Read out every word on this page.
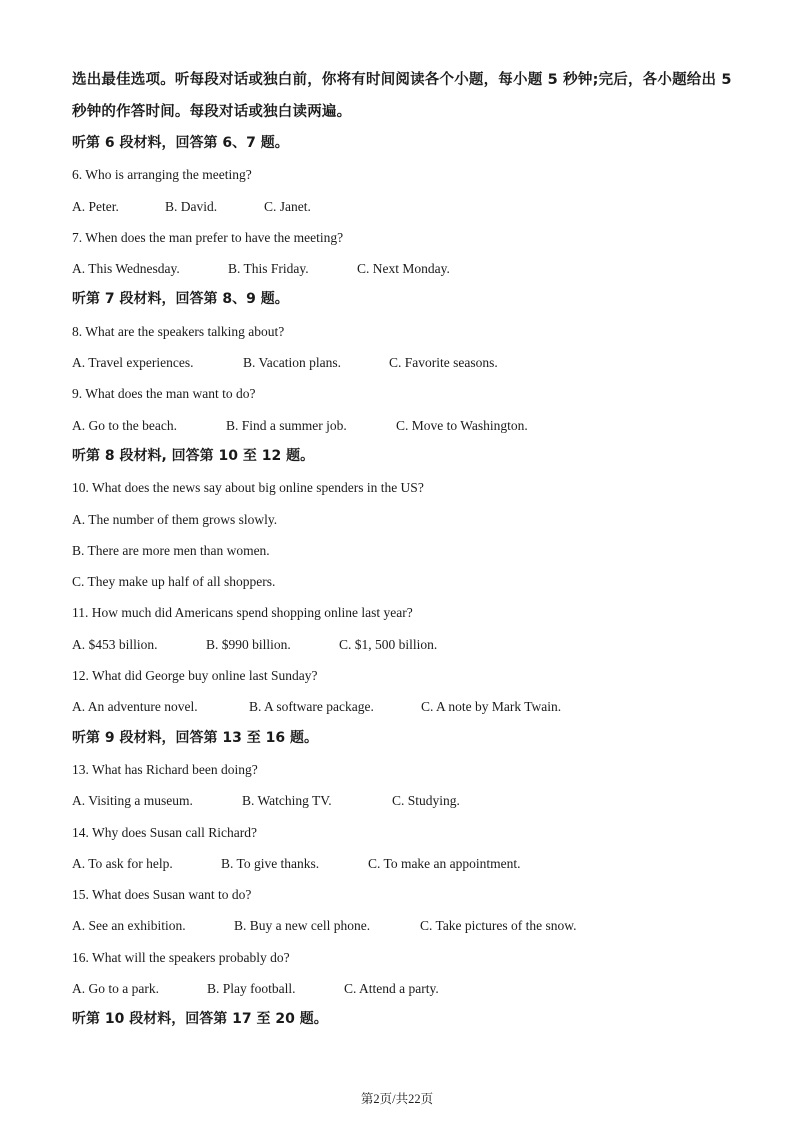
选出最佳选项。听每段对话或独白前，你将有时间阅读各个小题，每小题 5 秒钟;完后，各小题给出 5 秒钟的作答时间。每段对话或独白读两遍。

听第 6 段材料，回答第 6、7 题。

6. Who is arranging the meeting?

A. Peter.	B. David.	C. Janet.

7. When does the man prefer to have the meeting?

A. This Wednesday.	B. This Friday.	C. Next Monday.

听第 7 段材料，回答第 8、9 题。

8. What are the speakers talking about?

A. Travel experiences.	B. Vacation plans.	C. Favorite seasons.

9. What does the man want to do?

A. Go to the beach.	B. Find a summer job.	C. Move to Washington.

听第 8 段材料, 回答第 10 至 12 题。

10. What does the news say about big online spenders in the US?

A. The number of them grows slowly.

B. There are more men than women.

C. They make up half of all shoppers.

11. How much did Americans spend shopping online last year?

A. $453 billion.	B. $990 billion.	C. $1, 500 billion.

12. What did George buy online last Sunday?

A. An adventure novel.	B. A software package.	C. A note by Mark Twain.

听第 9 段材料，回答第 13 至 16 题。

13. What has Richard been doing?

A. Visiting a museum.	B. Watching TV.	C. Studying.

14. Why does Susan call Richard?

A. To ask for help.	B. To give thanks.	C. To make an appointment.

15. What does Susan want to do?

A. See an exhibition.	B. Buy a new cell phone.	C. Take pictures of the snow.

16. What will the speakers probably do?

A. Go to a park.	B. Play football.	C. Attend a party.

听第 10 段材料，回答第 17 至 20 题。

第2页/共22页
